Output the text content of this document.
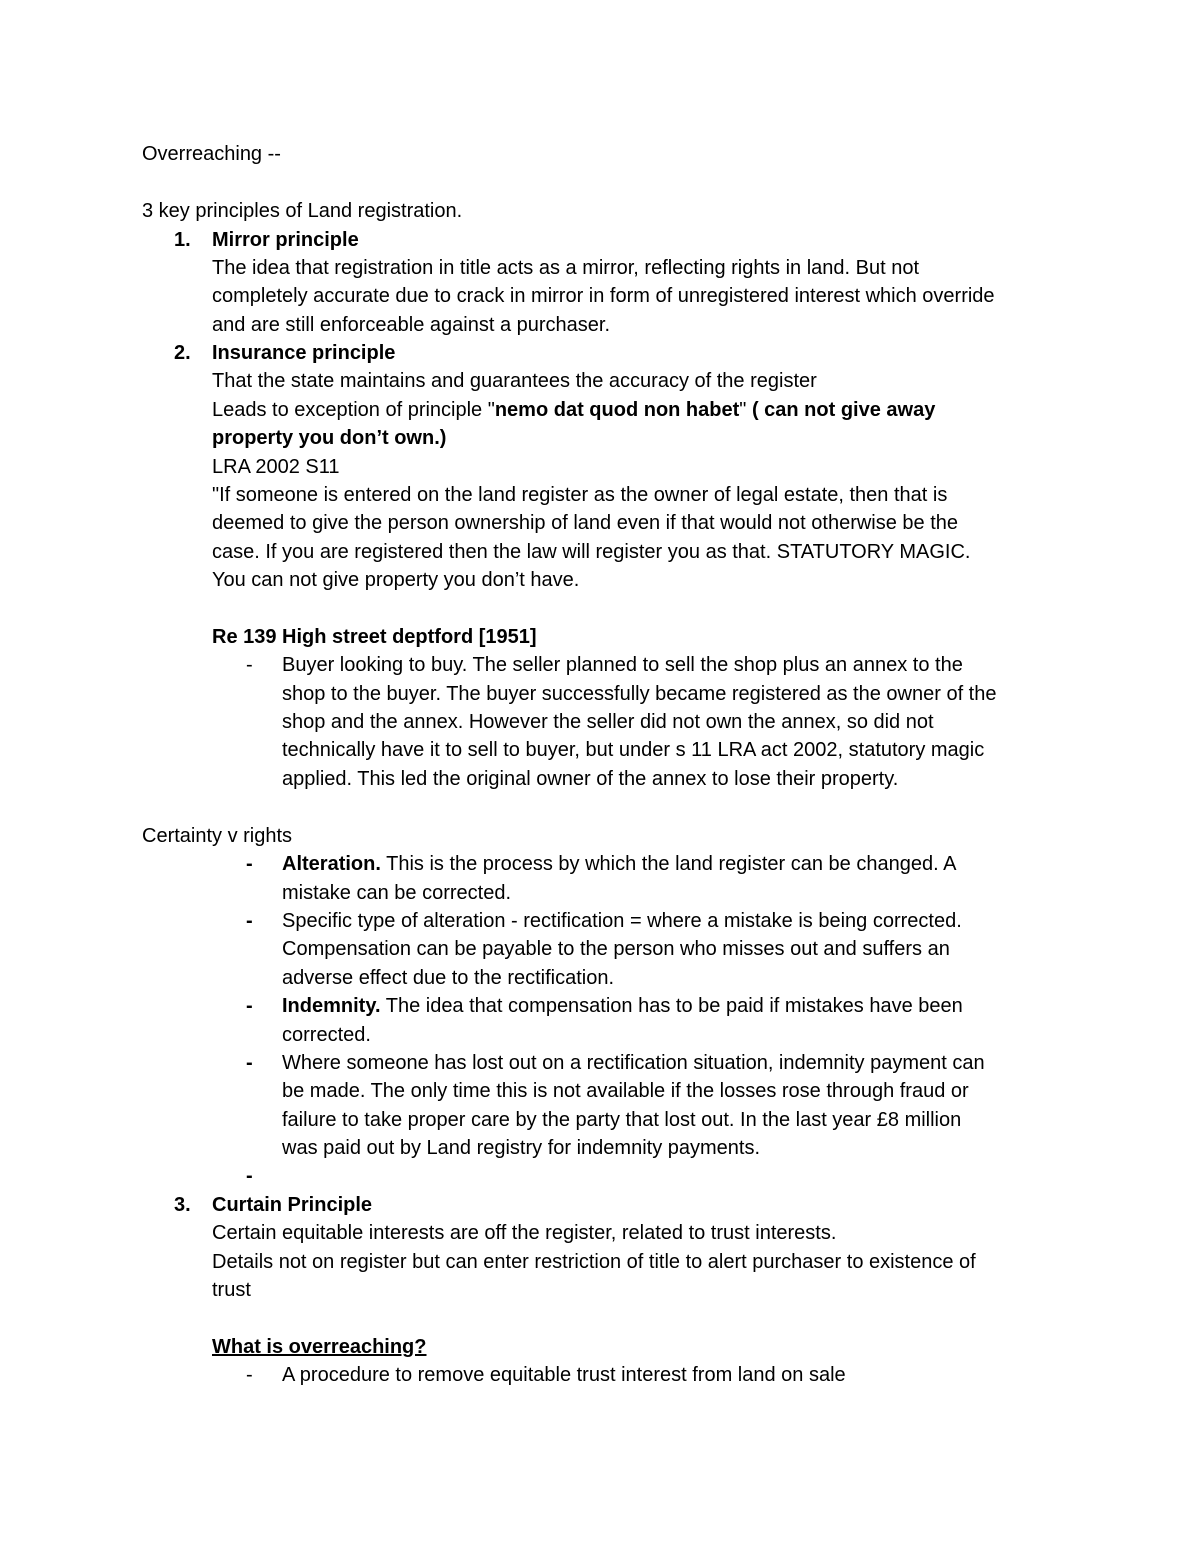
Overreaching --
3 key principles of Land registration.
1. Mirror principle
The idea that registration in title acts as a mirror, reflecting rights in land. But not
completely accurate due to crack in mirror in form of unregistered interest which override
and are still enforceable against a purchaser.
2. Insurance principle
That the state maintains and guarantees the accuracy of the register
Leads to exception of principle "nemo dat quod non habet" ( can not give away
property you don’t own.)
LRA 2002 S11
"If someone is entered on the land register as the owner of legal estate, then that is
deemed to give the person ownership of land even if that would not otherwise be the
case. If you are registered then the law will register you as that. STATUTORY MAGIC.
You can not give property you don’t have.
Re 139 High street deptford [1951]
- Buyer looking to buy. The seller planned to sell the shop plus an annex to the
shop to the buyer. The buyer successfully became registered as the owner of the
shop and the annex. However the seller did not own the annex, so did not
technically have it to sell to buyer, but under s 11 LRA act 2002, statutory magic
applied. This led the original owner of the annex to lose their property.
Certainty v rights
- Alteration. This is the process by which the land register can be changed. A
mistake can be corrected.
- Specific type of alteration - rectification = where a mistake is being corrected.
Compensation can be payable to the person who misses out and suffers an
adverse effect due to the rectification.
- Indemnity. The idea that compensation has to be paid if mistakes have been
corrected.
- Where someone has lost out on a rectification situation, indemnity payment can
be made. The only time this is not available if the losses rose through fraud or
failure to take proper care by the party that lost out. In the last year £8 million
was paid out by Land registry for indemnity payments.
-
3. Curtain Principle
Certain equitable interests are off the register, related to trust interests.
Details not on register but can enter restriction of title to alert purchaser to existence of
trust
What is overreaching?
- A procedure to remove equitable trust interest from land on sale
